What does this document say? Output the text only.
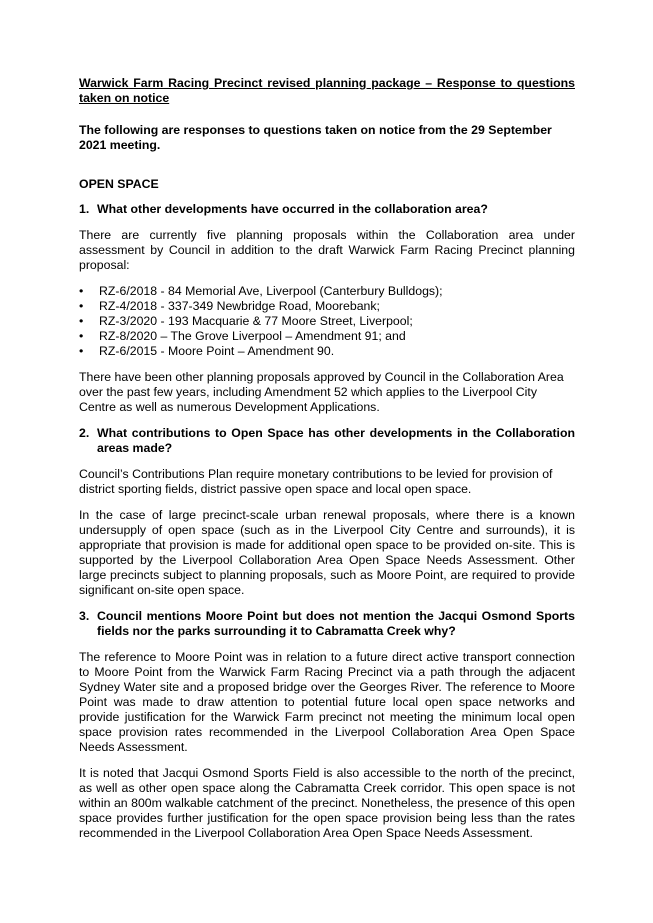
Warwick Farm Racing Precinct revised planning package – Response to questions taken on notice

The following are responses to questions taken on notice from the 29 September 2021 meeting.

OPEN SPACE

1. What other developments have occurred in the collaboration area?

There are currently five planning proposals within the Collaboration area under assessment by Council in addition to the draft Warwick Farm Racing Precinct planning proposal:

•	RZ-6/2018 - 84 Memorial Ave, Liverpool (Canterbury Bulldogs);
•	RZ-4/2018 - 337-349 Newbridge Road, Moorebank;
•	RZ-3/2020 - 193 Macquarie & 77 Moore Street, Liverpool;
•	RZ-8/2020 – The Grove Liverpool – Amendment 91; and
•	RZ-6/2015 - Moore Point – Amendment 90.

There have been other planning proposals approved by Council in the Collaboration Area over the past few years, including Amendment 52 which applies to the Liverpool City Centre as well as numerous Development Applications.

2. What contributions to Open Space has other developments in the Collaboration areas made?

Council’s Contributions Plan require monetary contributions to be levied for provision of district sporting fields, district passive open space and local open space.

In the case of large precinct-scale urban renewal proposals, where there is a known undersupply of open space (such as in the Liverpool City Centre and surrounds), it is appropriate that provision is made for additional open space to be provided on-site. This is supported by the Liverpool Collaboration Area Open Space Needs Assessment. Other large precincts subject to planning proposals, such as Moore Point, are required to provide significant on-site open space.

3. Council mentions Moore Point but does not mention the Jacqui Osmond Sports fields nor the parks surrounding it to Cabramatta Creek why?

The reference to Moore Point was in relation to a future direct active transport connection to Moore Point from the Warwick Farm Racing Precinct via a path through the adjacent Sydney Water site and a proposed bridge over the Georges River. The reference to Moore Point was made to draw attention to potential future local open space networks and provide justification for the Warwick Farm precinct not meeting the minimum local open space provision rates recommended in the Liverpool Collaboration Area Open Space Needs Assessment.

It is noted that Jacqui Osmond Sports Field is also accessible to the north of the precinct, as well as other open space along the Cabramatta Creek corridor. This open space is not within an 800m walkable catchment of the precinct. Nonetheless, the presence of this open space provides further justification for the open space provision being less than the rates recommended in the Liverpool Collaboration Area Open Space Needs Assessment.
